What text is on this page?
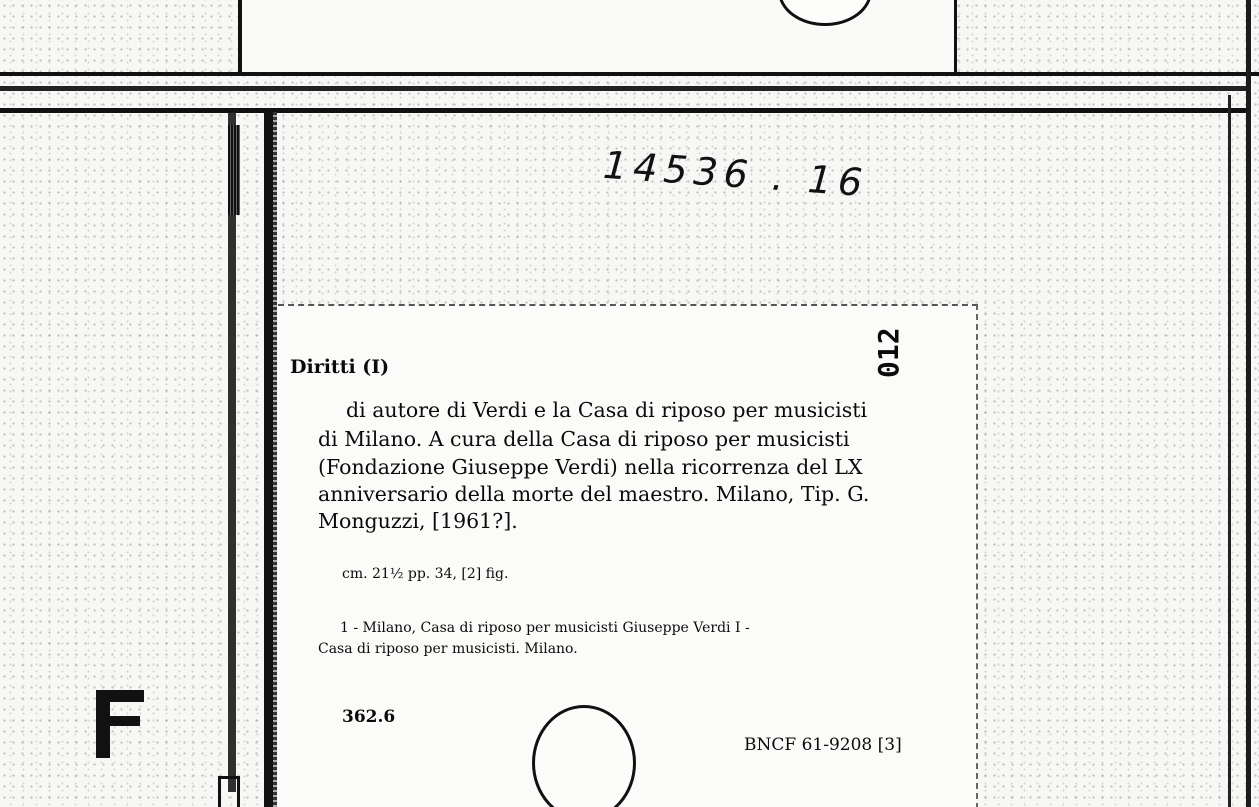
14536 . 16
Diritti (I)	012
di autore di Verdi e la Casa di riposo per musicisti
di Milano. A cura della Casa di riposo per musicisti
(Fondazione Giuseppe Verdi) nella ricorrenza del LX
anniversario della morte del maestro. Milano, Tip. G.
Monguzzi, [1961?].
cm. 21½ pp. 34, [2] fig.
1 - Milano, Casa di riposo per musicisti Giuseppe Verdi I -
Casa di riposo per musicisti. Milano.
362.6
BNCF 61-9208 [3]
